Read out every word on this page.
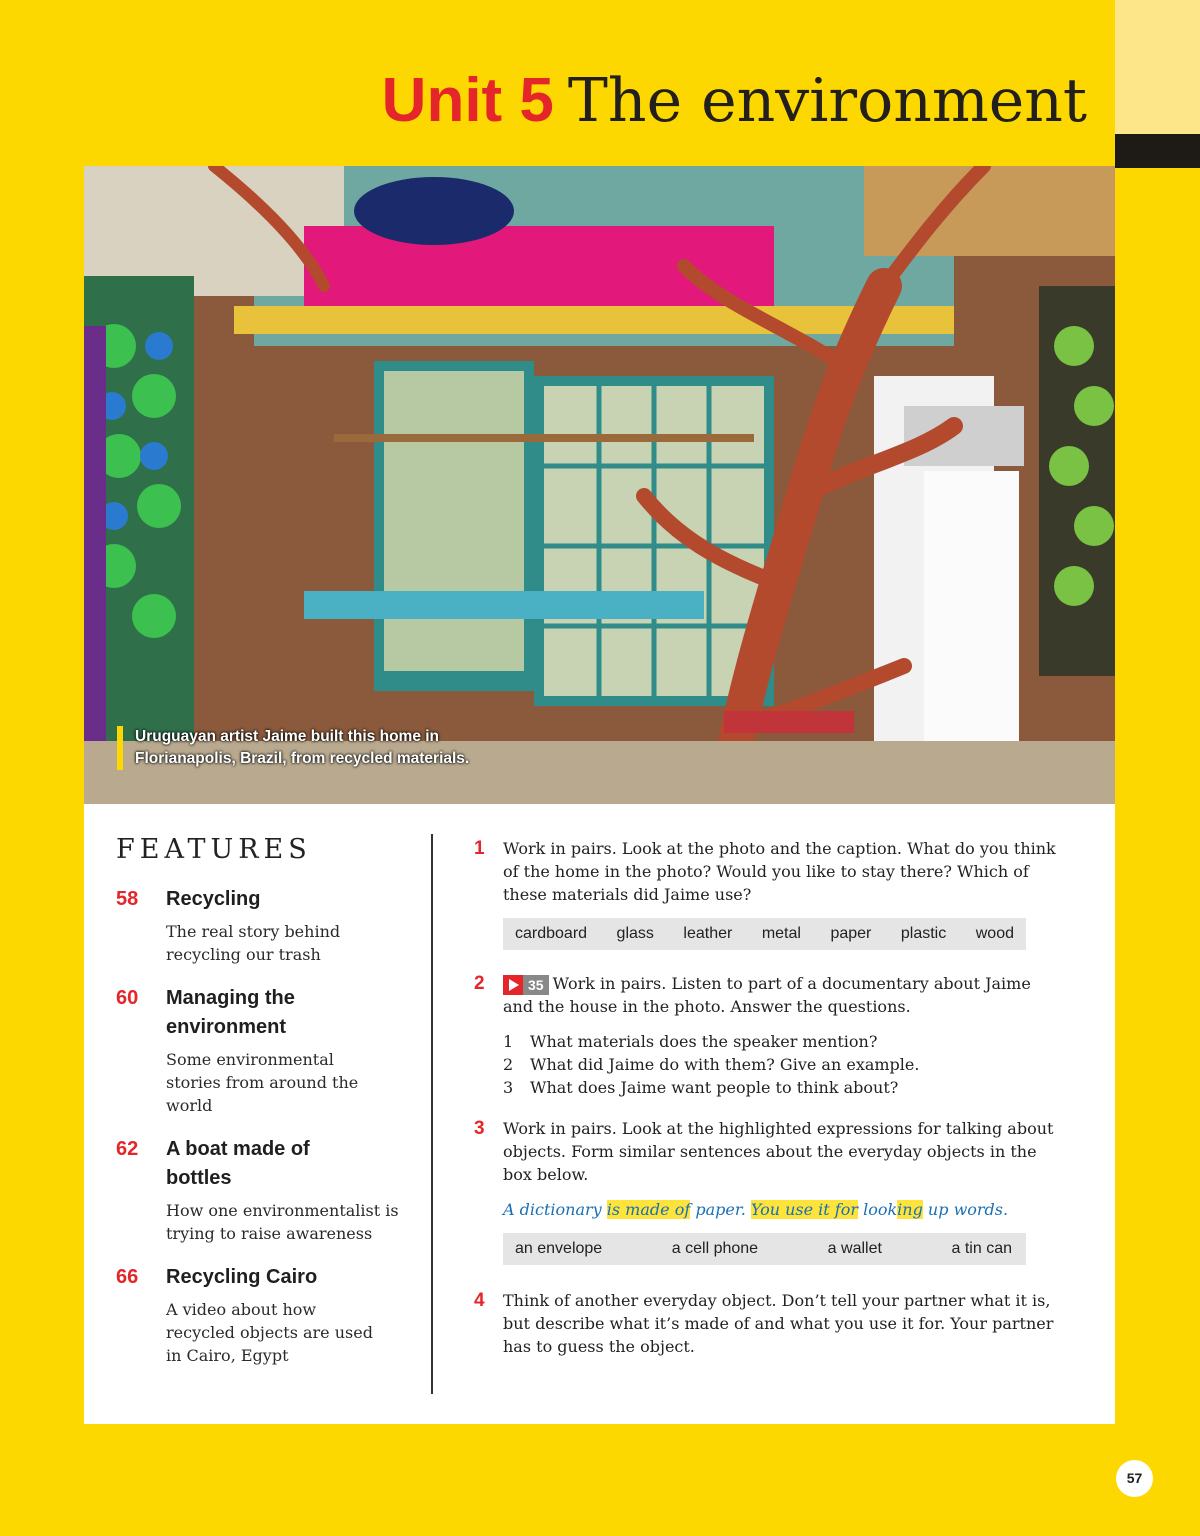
Unit 5 The environment
Uruguayan artist Jaime built this home in
Florianapolis, Brazil, from recycled materials.
FEATURES
58 Recycling
The real story behind recycling our trash
60 Managing the environment
Some environmental stories from around the world
62 A boat made of bottles
How one environmentalist is trying to raise awareness
66 Recycling Cairo
A video about how recycled objects are used in Cairo, Egypt
1 Work in pairs. Look at the photo and the caption. What do you think of the home in the photo? Would you like to stay there? Which of these materials did Jaime use?
cardboard glass leather metal paper plastic wood
2	35 Work in pairs. Listen to part of a documentary about Jaime and the house in the photo. Answer the questions.
1 What materials does the speaker mention?
2 What did Jaime do with them? Give an example.
3 What does Jaime want people to think about?
3 Work in pairs. Look at the highlighted expressions for talking about objects. Form similar sentences about the everyday objects in the box below.
A dictionary is made of paper. You use it for looking up words.
an envelope	a cell phone	a wallet	a tin can
4 Think of another everyday object. Don’t tell your partner what it is, but describe what it’s made of and what you use it for. Your partner has to guess the object.
57
